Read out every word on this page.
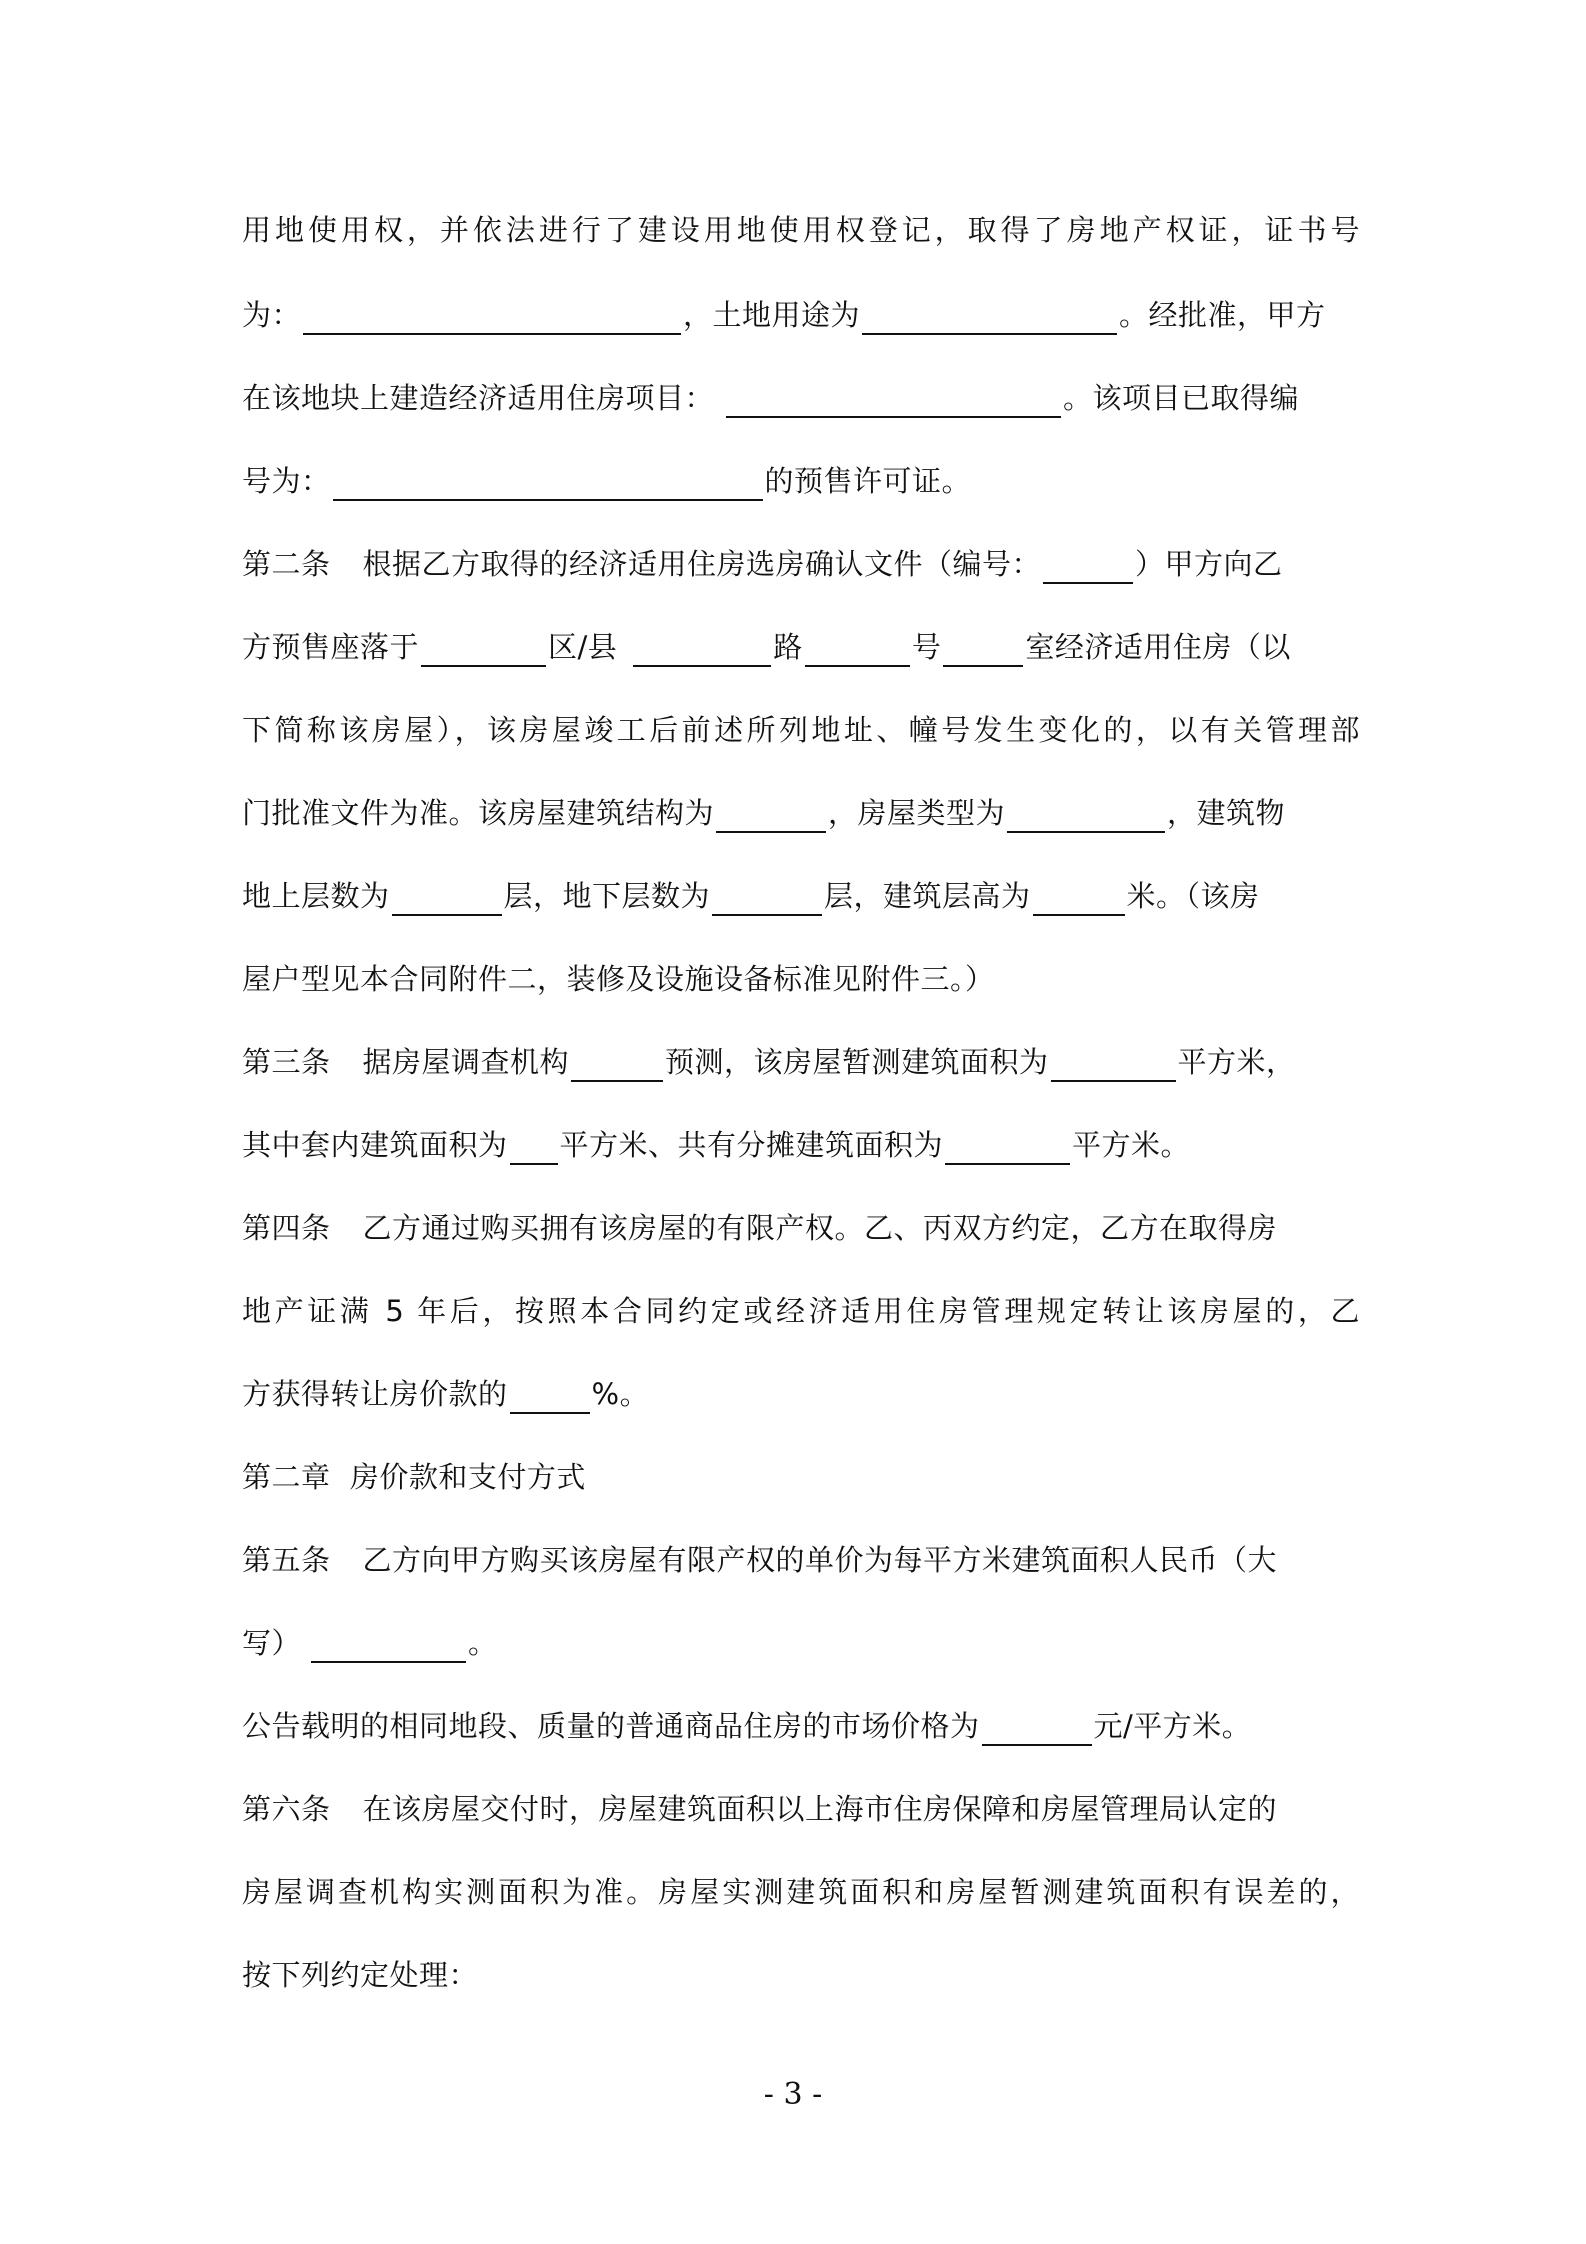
用地使用权，并依法进行了建设用地使用权登记，取得了房地产权证，证书号
为：	，土地用途为	。经批准，甲方
在该地块上建造经济适用住房项目：	。该项目已取得编
号为：	的预售许可证。
第二条 根据乙方取得的经济适用住房选房确认文件（编号：	）甲方向乙
方预售座落于	区/县	路	号	室经济适用住房（以
下简称该房屋），该房屋竣工后前述所列地址、幢号发生变化的，以有关管理部
门批准文件为准。该房屋建筑结构为	，房屋类型为	，建筑物
地上层数为	层，地下层数为	层，建筑层高为	米。（该房
屋户型见本合同附件二，装修及设施设备标准见附件三。）
第三条 据房屋调查机构	预测，该房屋暂测建筑面积为	平方米，
其中套内建筑面积为 平方米、共有分摊建筑面积为	平方米。
第四条 乙方通过购买拥有该房屋的有限产权。乙、丙双方约定，乙方在取得房
地产证满 5 年后，按照本合同约定或经济适用住房管理规定转让该房屋的，乙
方获得转让房价款的	%。
第二章  房价款和支付方式
第五条 乙方向甲方购买该房屋有限产权的单价为每平方米建筑面积人民币（大
写）	。
公告载明的相同地段、质量的普通商品住房的市场价格为	元/平方米。
第六条 在该房屋交付时，房屋建筑面积以上海市住房保障和房屋管理局认定的
房屋调查机构实测面积为准。房屋实测建筑面积和房屋暂测建筑面积有误差的，
按下列约定处理：
- 3 -
